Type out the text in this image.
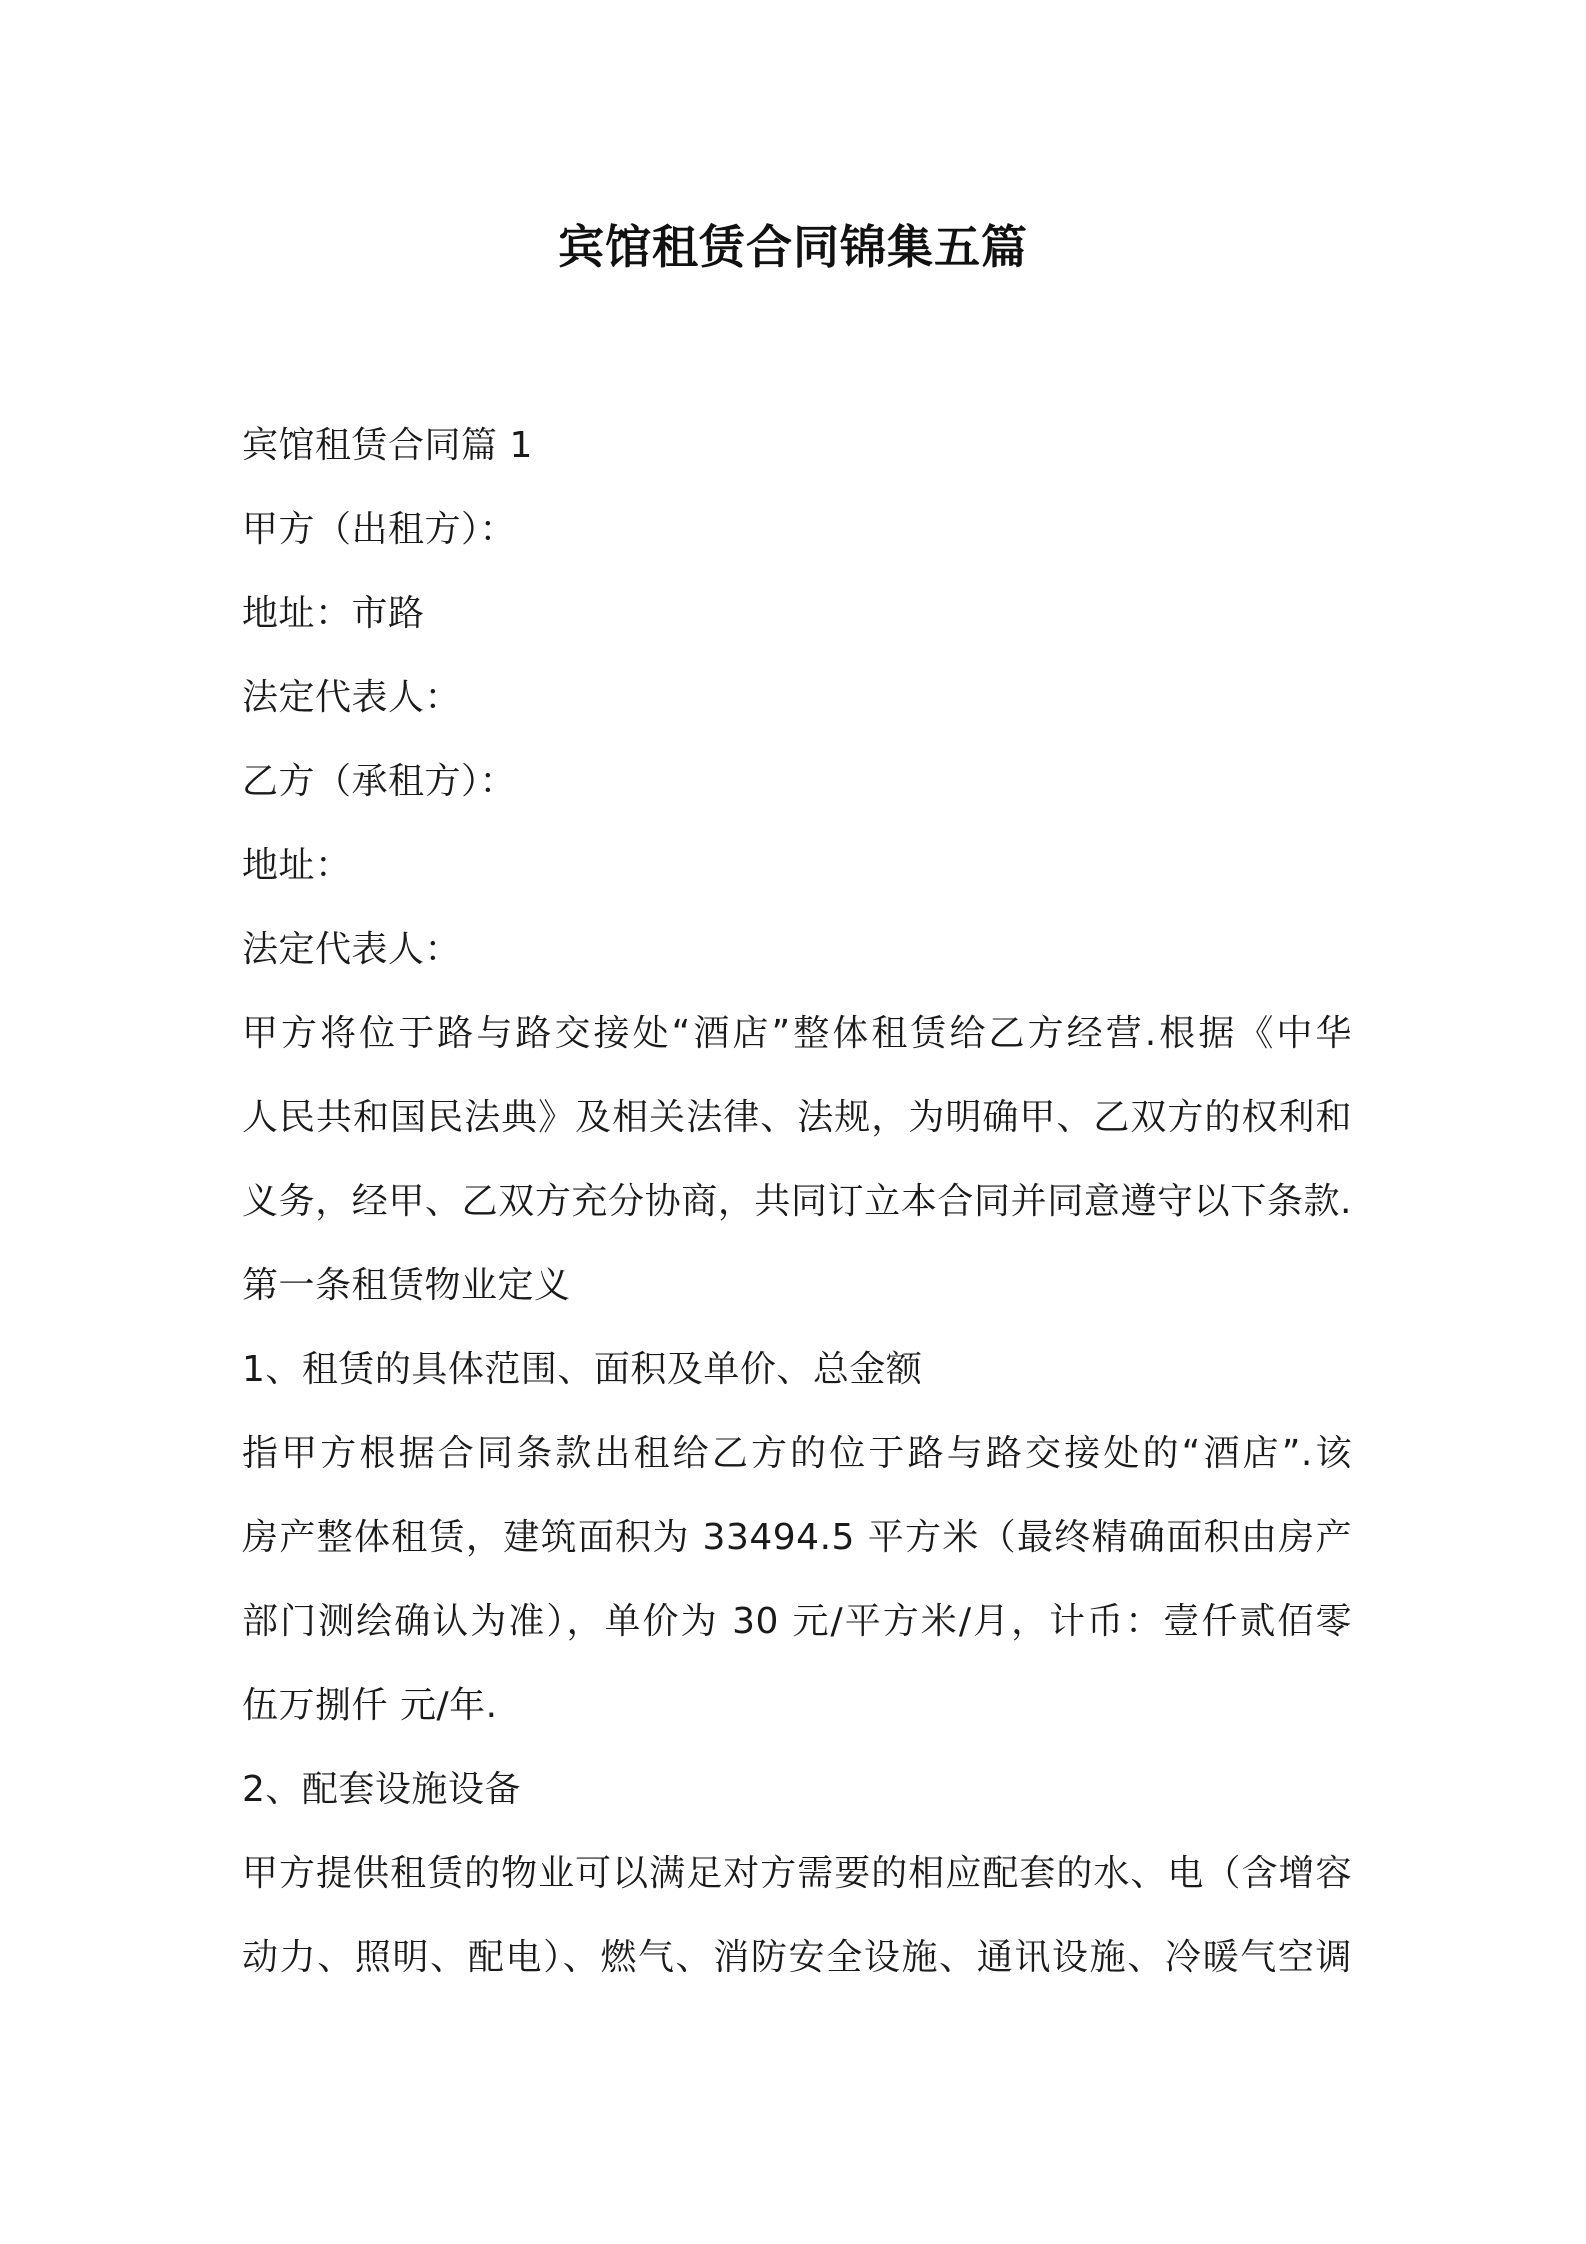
宾馆租赁合同锦集五篇
宾馆租赁合同篇 1
甲方（出租方）：
地址：市路
法定代表人：
乙方（承租方）：
地址：
法定代表人：
甲方将位于路与路交接处“酒店”整体租赁给乙方经营.根据《中华
人民共和国民法典》及相关法律、法规，为明确甲、乙双方的权利和
义务，经甲、乙双方充分协商，共同订立本合同并同意遵守以下条款.
第一条租赁物业定义
1、租赁的具体范围、面积及单价、总金额
指甲方根据合同条款出租给乙方的位于路与路交接处的“酒店”.该
房产整体租赁，建筑面积为 33494.5 平方米（最终精确面积由房产
部门测绘确认为准），单价为 30 元/平方米/月，计币：壹仟贰佰零
伍万捌仟 元/年.
2、配套设施设备
甲方提供租赁的物业可以满足对方需要的相应配套的水、电（含增容
动力、照明、配电）、燃气、消防安全设施、通讯设施、冷暖气空调
